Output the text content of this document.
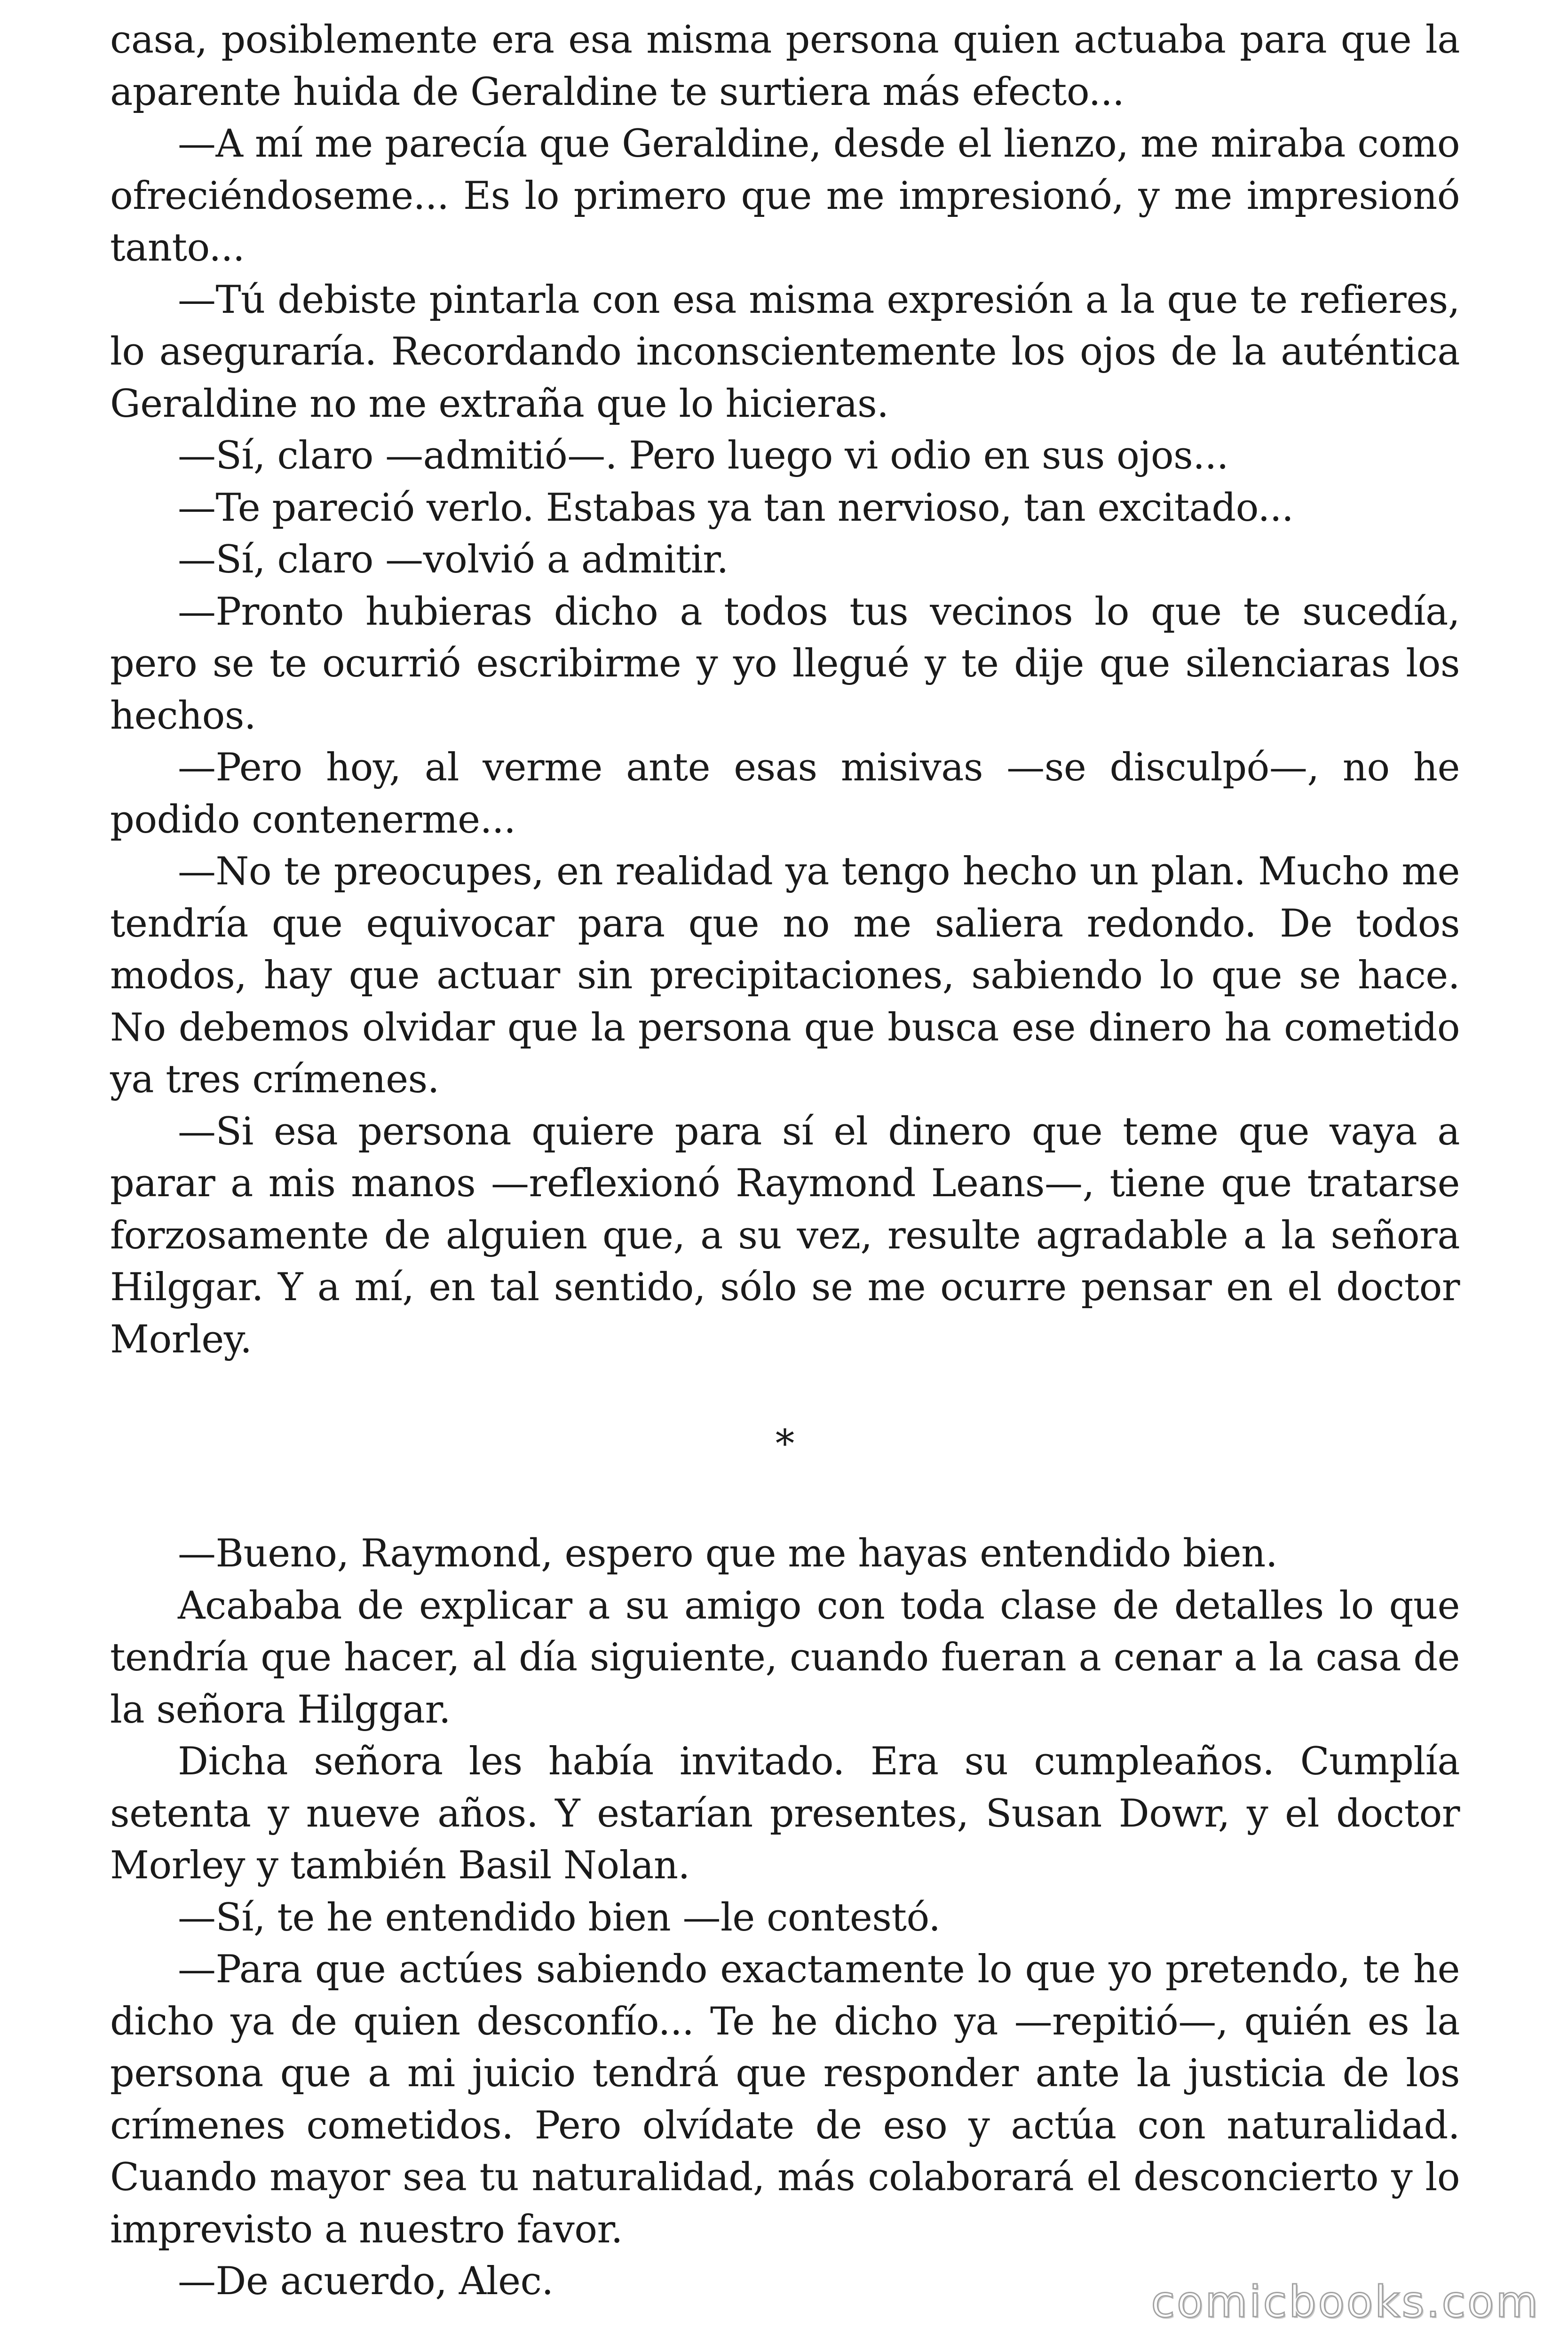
casa, posiblemente era esa misma persona quien actuaba para que la aparente huida de Geraldine te surtiera más efecto...

—A mí me parecía que Geraldine, desde el lienzo, me miraba como ofreciéndoseme... Es lo primero que me impresionó, y me impresionó tanto...

—Tú debiste pintarla con esa misma expresión a la que te refieres, lo aseguraría. Recordando inconscientemente los ojos de la auténtica Geraldine no me extraña que lo hicieras.

—Sí, claro —admitió—. Pero luego vi odio en sus ojos...

—Te pareció verlo. Estabas ya tan nervioso, tan excitado...

—Sí, claro —volvió a admitir.

—Pronto hubieras dicho a todos tus vecinos lo que te sucedía, pero se te ocurrió escribirme y yo llegué y te dije que silenciaras los hechos.

—Pero hoy, al verme ante esas misivas —se disculpó—, no he podido contenerme...

—No te preocupes, en realidad ya tengo hecho un plan. Mucho me tendría que equivocar para que no me saliera redondo. De todos modos, hay que actuar sin precipitaciones, sabiendo lo que se hace. No debemos olvidar que la persona que busca ese dinero ha cometido ya tres crímenes.

—Si esa persona quiere para sí el dinero que teme que vaya a parar a mis manos —reflexionó Raymond Leans—, tiene que tratarse forzosamente de alguien que, a su vez, resulte agradable a la señora Hilggar. Y a mí, en tal sentido, sólo se me ocurre pensar en el doctor Morley.

*

—Bueno, Raymond, espero que me hayas entendido bien.

Acababa de explicar a su amigo con toda clase de detalles lo que tendría que hacer, al día siguiente, cuando fueran a cenar a la casa de la señora Hilggar.

Dicha señora les había invitado. Era su cumpleaños. Cumplía setenta y nueve años. Y estarían presentes, Susan Dowr, y el doctor Morley y también Basil Nolan.

—Sí, te he entendido bien —le contestó.

—Para que actúes sabiendo exactamente lo que yo pretendo, te he dicho ya de quien desconfío... Te he dicho ya —repitió—, quién es la persona que a mi juicio tendrá que responder ante la justicia de los crímenes cometidos. Pero olvídate de eso y actúa con naturalidad. Cuando mayor sea tu naturalidad, más colaborará el desconcierto y lo imprevisto a nuestro favor.

—De acuerdo, Alec.	comicbooks.com
